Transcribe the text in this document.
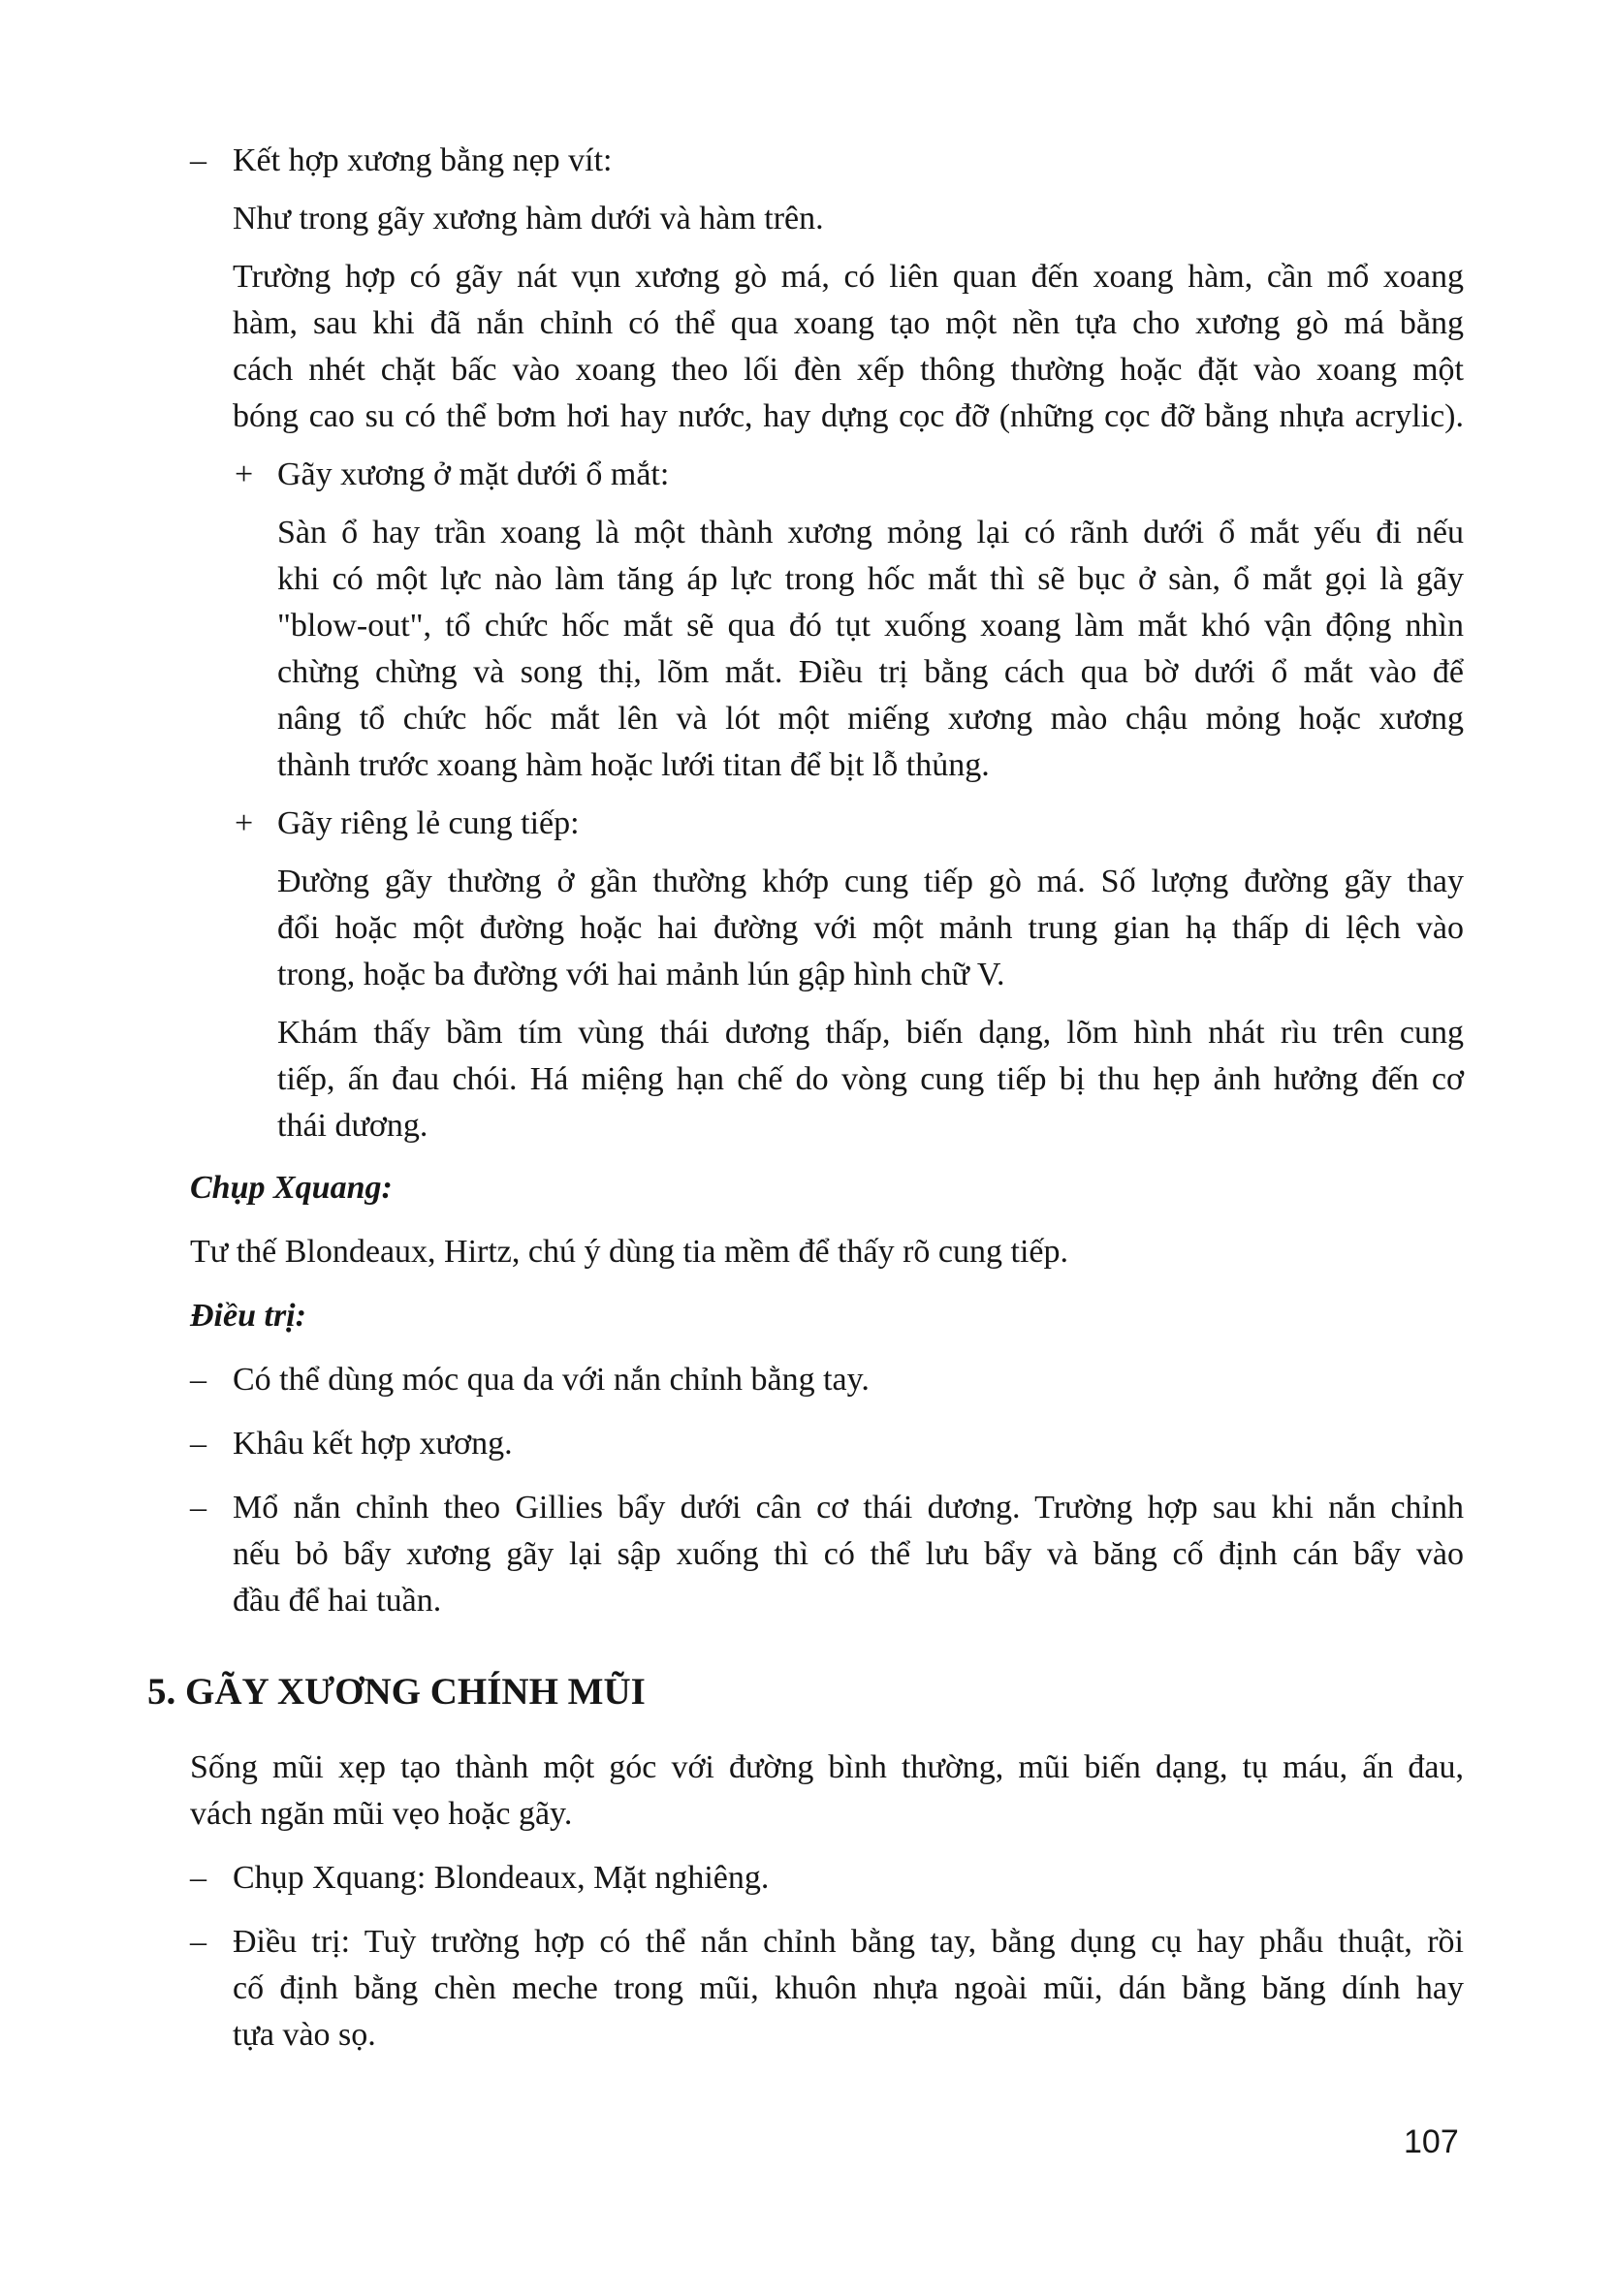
– Kết hợp xương bằng nẹp vít:
Như trong gãy xương hàm dưới và hàm trên.
Trường hợp có gãy nát vụn xương gò má, có liên quan đến xoang hàm, cần mổ xoang
hàm, sau khi đã nắn chỉnh có thể qua xoang tạo một nền tựa cho xương gò má bằng
cách nhét chặt bấc vào xoang theo lối đèn xếp thông thường hoặc đặt vào xoang một
bóng cao su có thể bơm hơi hay nước, hay dựng cọc đỡ (những cọc đỡ bằng nhựa acrylic).
+ Gãy xương ở mặt dưới ổ mắt:
Sàn ổ hay trần xoang là một thành xương mỏng lại có rãnh dưới ổ mắt yếu đi nếu
khi có một lực nào làm tăng áp lực trong hốc mắt thì sẽ bục ở sàn, ổ mắt gọi là gãy
"blow-out", tổ chức hốc mắt sẽ qua đó tụt xuống xoang làm mắt khó vận động nhìn
chừng chừng và song thị, lõm mắt. Điều trị bằng cách qua bờ dưới ổ mắt vào để
nâng tổ chức hốc mắt lên và lót một miếng xương mào chậu mỏng hoặc xương
thành trước xoang hàm hoặc lưới titan để bịt lỗ thủng.
+ Gãy riêng lẻ cung tiếp:
Đường gãy thường ở gần thường khớp cung tiếp gò má. Số lượng đường gãy thay
đổi hoặc một đường hoặc hai đường với một mảnh trung gian hạ thấp di lệch vào
trong, hoặc ba đường với hai mảnh lún gập hình chữ V.
Khám thấy bầm tím vùng thái dương thấp, biến dạng, lõm hình nhát rìu trên cung
tiếp, ấn đau chói. Há miệng hạn chế do vòng cung tiếp bị thu hẹp ảnh hưởng đến cơ
thái dương.
Chụp Xquang:
Tư thế Blondeaux, Hirtz, chú ý dùng tia mềm để thấy rõ cung tiếp.
Điều trị:
– Có thể dùng móc qua da với nắn chỉnh bằng tay.
– Khâu kết hợp xương.
– Mổ nắn chỉnh theo Gillies bẩy dưới cân cơ thái dương. Trường hợp sau khi nắn chỉnh
nếu bỏ bẩy xương gãy lại sập xuống thì có thể lưu bẩy và băng cố định cán bẩy vào
đầu để hai tuần.
5. GÃY XƯƠNG CHÍNH MŨI
Sống mũi xẹp tạo thành một góc với đường bình thường, mũi biến dạng, tụ máu, ấn đau,
vách ngăn mũi vẹo hoặc gãy.
– Chụp Xquang: Blondeaux, Mặt nghiêng.
– Điều trị: Tuỳ trường hợp có thể nắn chỉnh bằng tay, bằng dụng cụ hay phẫu thuật, rồi
cố định bằng chèn meche trong mũi, khuôn nhựa ngoài mũi, dán bằng băng dính hay
tựa vào sọ.
107
